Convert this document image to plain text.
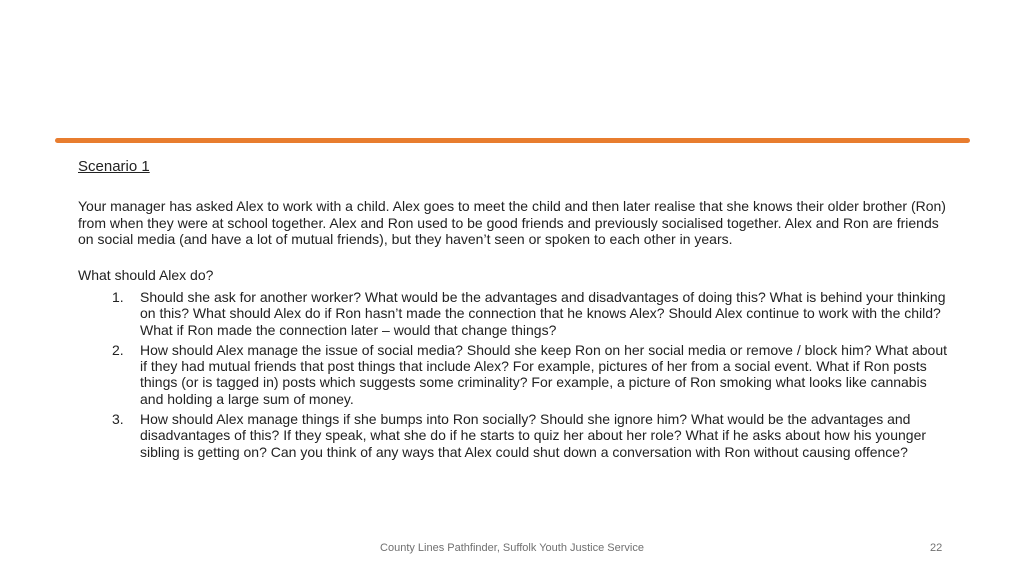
Scenario 1
Your manager has asked Alex to work with a child. Alex goes to meet the child and then later realise that she knows their older brother (Ron) from when they were at school together. Alex and Ron used to be good friends and previously socialised together. Alex and Ron are friends on social media (and have a lot of mutual friends), but they haven’t seen or spoken to each other in years.
What should Alex do?
1. Should she ask for another worker? What would be the advantages and disadvantages of doing this? What is behind your thinking on this? What should Alex do if Ron hasn’t made the connection that he knows Alex? Should Alex continue to work with the child? What if Ron made the connection later – would that change things?
2. How should Alex manage the issue of social media? Should she keep Ron on her social media or remove / block him? What about if they had mutual friends that post things that include Alex? For example, pictures of her from a social event. What if Ron posts things (or is tagged in) posts which suggests some criminality? For example, a picture of Ron smoking what looks like cannabis and holding a large sum of money.
3. How should Alex manage things if she bumps into Ron socially? Should she ignore him? What would be the advantages and disadvantages of this? If they speak, what she do if he starts to quiz her about her role? What if he asks about how his younger sibling is getting on? Can you think of any ways that Alex could shut down a conversation with Ron without causing offence?
County Lines Pathfinder, Suffolk Youth Justice Service	22
